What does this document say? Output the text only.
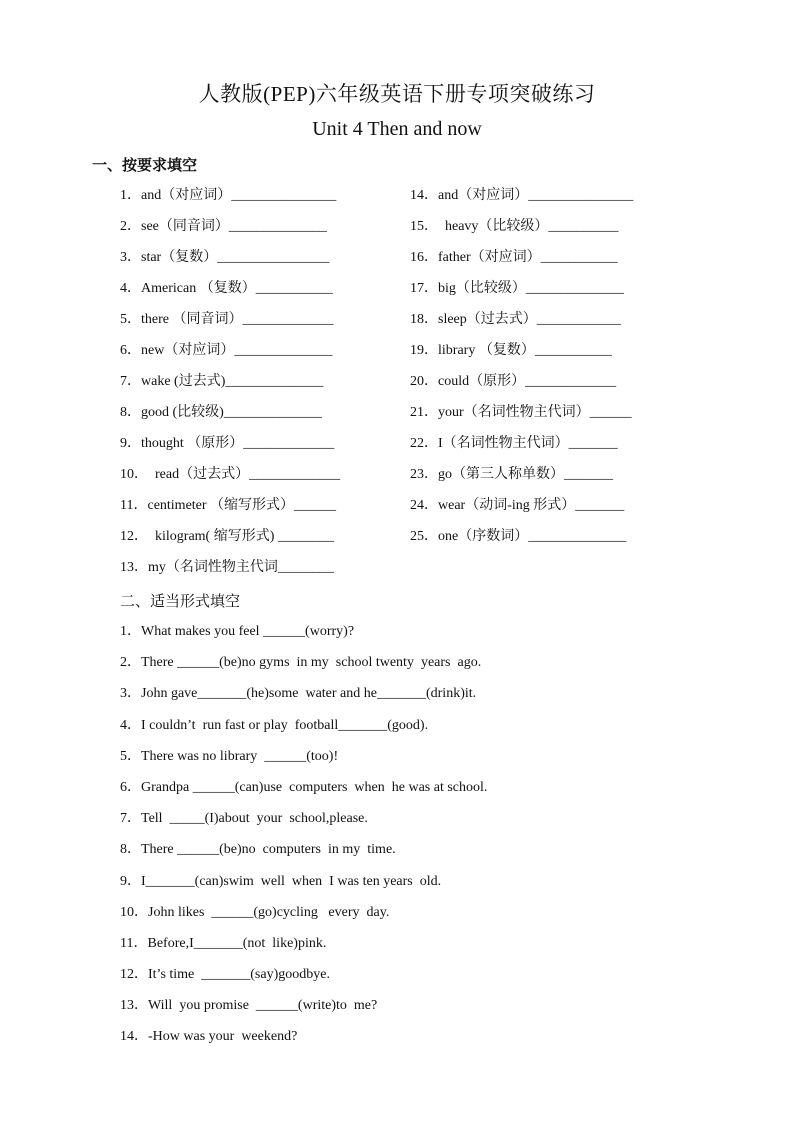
人教版(PEP)六年级英语下册专项突破练习
Unit 4 Then and now
一、按要求填空
1．and（对应词）_______________
2．see（同音词）______________
3．star（复数）________________
4．American （复数）___________
5．there （同音词）_____________
6．new（对应词）______________
7．wake (过去式)______________
8．good (比较级)______________
9．thought （原形）_____________
10．  read（过去式）_____________
11．centimeter （缩写形式）______
12．  kilogram( 缩写形式) ________
13．my（名词性物主代词________
14．and（对应词）_______________
15．  heavy（比较级）__________
16．father（对应词）___________
17．big（比较级）______________
18．sleep（过去式）____________
19．library （复数）___________
20．could（原形）_____________
21．your（名词性物主代词）______
22．I（名词性物主代词）_______
23．go（第三人称单数）_______
24．wear（动词-ing 形式）_______
25．one（序数词）______________
二、适当形式填空
1．What makes you feel ______(worry)?
2．There ______(be)no gyms  in my  school twenty  years  ago.
3．John gave_______(he)some  water and he_______(drink)it.
4．I couldn’t  run fast or play  football_______(good).
5．There was no library  ______(too)!
6．Grandpa ______(can)use  computers  when  he was at school.
7．Tell  _____(I)about  your  school,please.
8．There ______(be)no  computers  in my  time.
9．I_______(can)swim  well  when  I was ten years  old.
10．John likes  ______(go)cycling   every  day.
11．Before,I_______(not  like)pink.
12．It’s time  _______(say)goodbye.
13．Will  you promise  ______(write)to  me?
14．-How was your  weekend?
